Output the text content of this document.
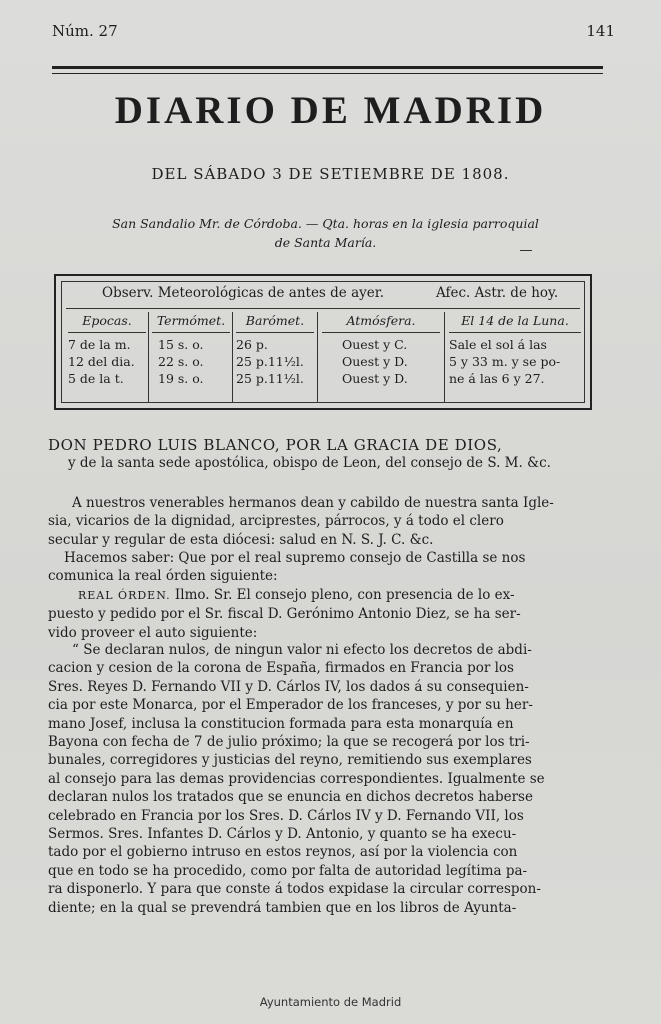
Núm. 27	141
DIARIO DE MADRID
DEL SÁBADO 3 DE SETIEMBRE DE 1808.
San Sandalio Mr. de Córdoba. — Qta. horas en la iglesia parroquial
de Santa María.
Observ. Meteorológicas de antes de ayer.	Afec. Astr. de hoy.
Epocas.
7 de la m.
12 del dia.
5 de la t.
Termómet.
15 s. o.
22 s. o.
19 s. o.
Barómet.
26 p.
25 p.11½l.
25 p.11½l.
Atmósfera.
Ouest y C.
Ouest y D.
Ouest y D.
El 14 de la Luna.
Sale el sol á las
5 y 33 m. y se po-
ne á las 6 y 27.
DON PEDRO LUIS BLANCO, POR LA GRACIA DE DIOS,
y de la santa sede apostólica, obispo de Leon, del consejo de S. M. &c.
A nuestros venerables hermanos dean y cabildo de nuestra santa Igle-
sia, vicarios de la dignidad, arciprestes, párrocos, y á todo el clero
secular y regular de esta diócesi: salud en N. S. J. C. &c.
Hacemos saber: Que por el real supremo consejo de Castilla se nos
comunica la real órden siguiente:
REAL ÓRDEN. Ilmo. Sr. El consejo pleno, con presencia de lo ex-
puesto y pedido por el Sr. fiscal D. Gerónimo Antonio Diez, se ha ser-
vido proveer el auto siguiente:
“ Se declaran nulos, de ningun valor ni efecto los decretos de abdi-
cacion y cesion de la corona de España, firmados en Francia por los
Sres. Reyes D. Fernando VII y D. Cárlos IV, los dados á su consequien-
cia por este Monarca, por el Emperador de los franceses, y por su her-
mano Josef, inclusa la constitucion formada para esta monarquía en
Bayona con fecha de 7 de julio próximo; la que se recogerá por los tri-
bunales, corregidores y justicias del reyno, remitiendo sus exemplares
al consejo para las demas providencias correspondientes. Igualmente se
declaran nulos los tratados que se enuncia en dichos decretos haberse
celebrado en Francia por los Sres. D. Cárlos IV y D. Fernando VII, los
Sermos. Sres. Infantes D. Cárlos y D. Antonio, y quanto se ha execu-
tado por el gobierno intruso en estos reynos, así por la violencia con
que en todo se ha procedido, como por falta de autoridad legítima pa-
ra disponerlo. Y para que conste á todos expidase la circular correspon-
diente; en la qual se prevendrá tambien que en los libros de Ayunta-
Ayuntamiento de Madrid
